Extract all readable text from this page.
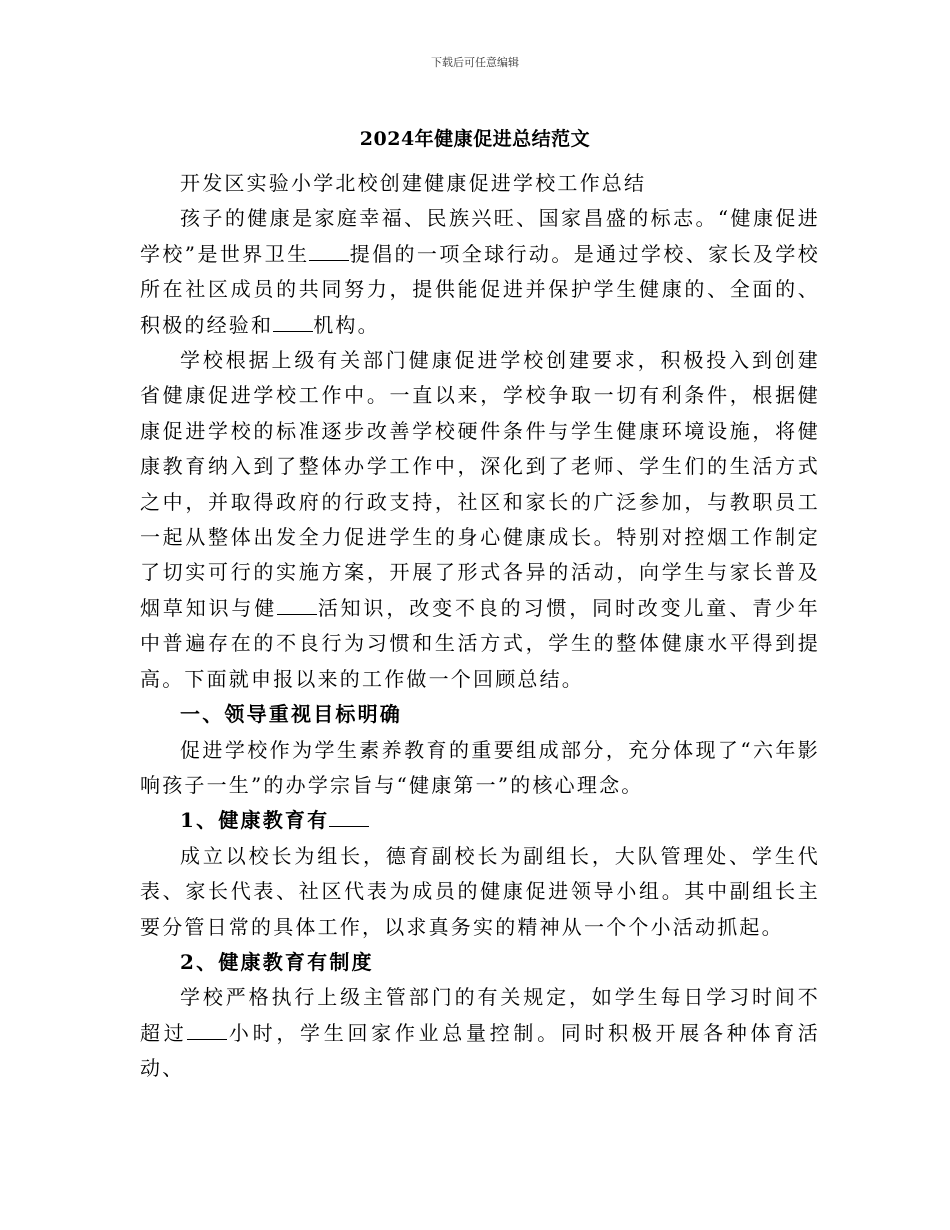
下载后可任意编辑
2024年健康促进总结范文

开发区实验小学北校创建健康促进学校工作总结

孩子的健康是家庭幸福、民族兴旺、国家昌盛的标志。“健康促进学校”是世界卫生 提倡的一项全球行动。是通过学校、家长及学校所在社区成员的共同努力，提供能促进并保护学生健康的、全面的、积极的经验和 机构。

学校根据上级有关部门健康促进学校创建要求，积极投入到创建省健康促进学校工作中。一直以来，学校争取一切有利条件，根据健康促进学校的标准逐步改善学校硬件条件与学生健康环境设施，将健康教育纳入到了整体办学工作中，深化到了老师、学生们的生活方式之中，并取得政府的行政支持，社区和家长的广泛参加，与教职员工一起从整体出发全力促进学生的身心健康成长。特别对控烟工作制定了切实可行的实施方案，开展了形式各异的活动，向学生与家长普及烟草知识与健 活知识，改变不良的习惯，同时改变儿童、青少年中普遍存在的不良行为习惯和生活方式，学生的整体健康水平得到提高。下面就申报以来的工作做一个回顾总结。

一、领导重视目标明确

促进学校作为学生素养教育的重要组成部分，充分体现了“六年影响孩子一生”的办学宗旨与“健康第一”的核心理念。

1、健康教育有

成立以校长为组长，德育副校长为副组长，大队管理处、学生代表、家长代表、社区代表为成员的健康促进领导小组。其中副组长主要分管日常的具体工作，以求真务实的精神从一个个小活动抓起。

2、健康教育有制度

学校严格执行上级主管部门的有关规定，如学生每日学习时间不超过 小时，学生回家作业总量控制。同时积极开展各种体育活动、
